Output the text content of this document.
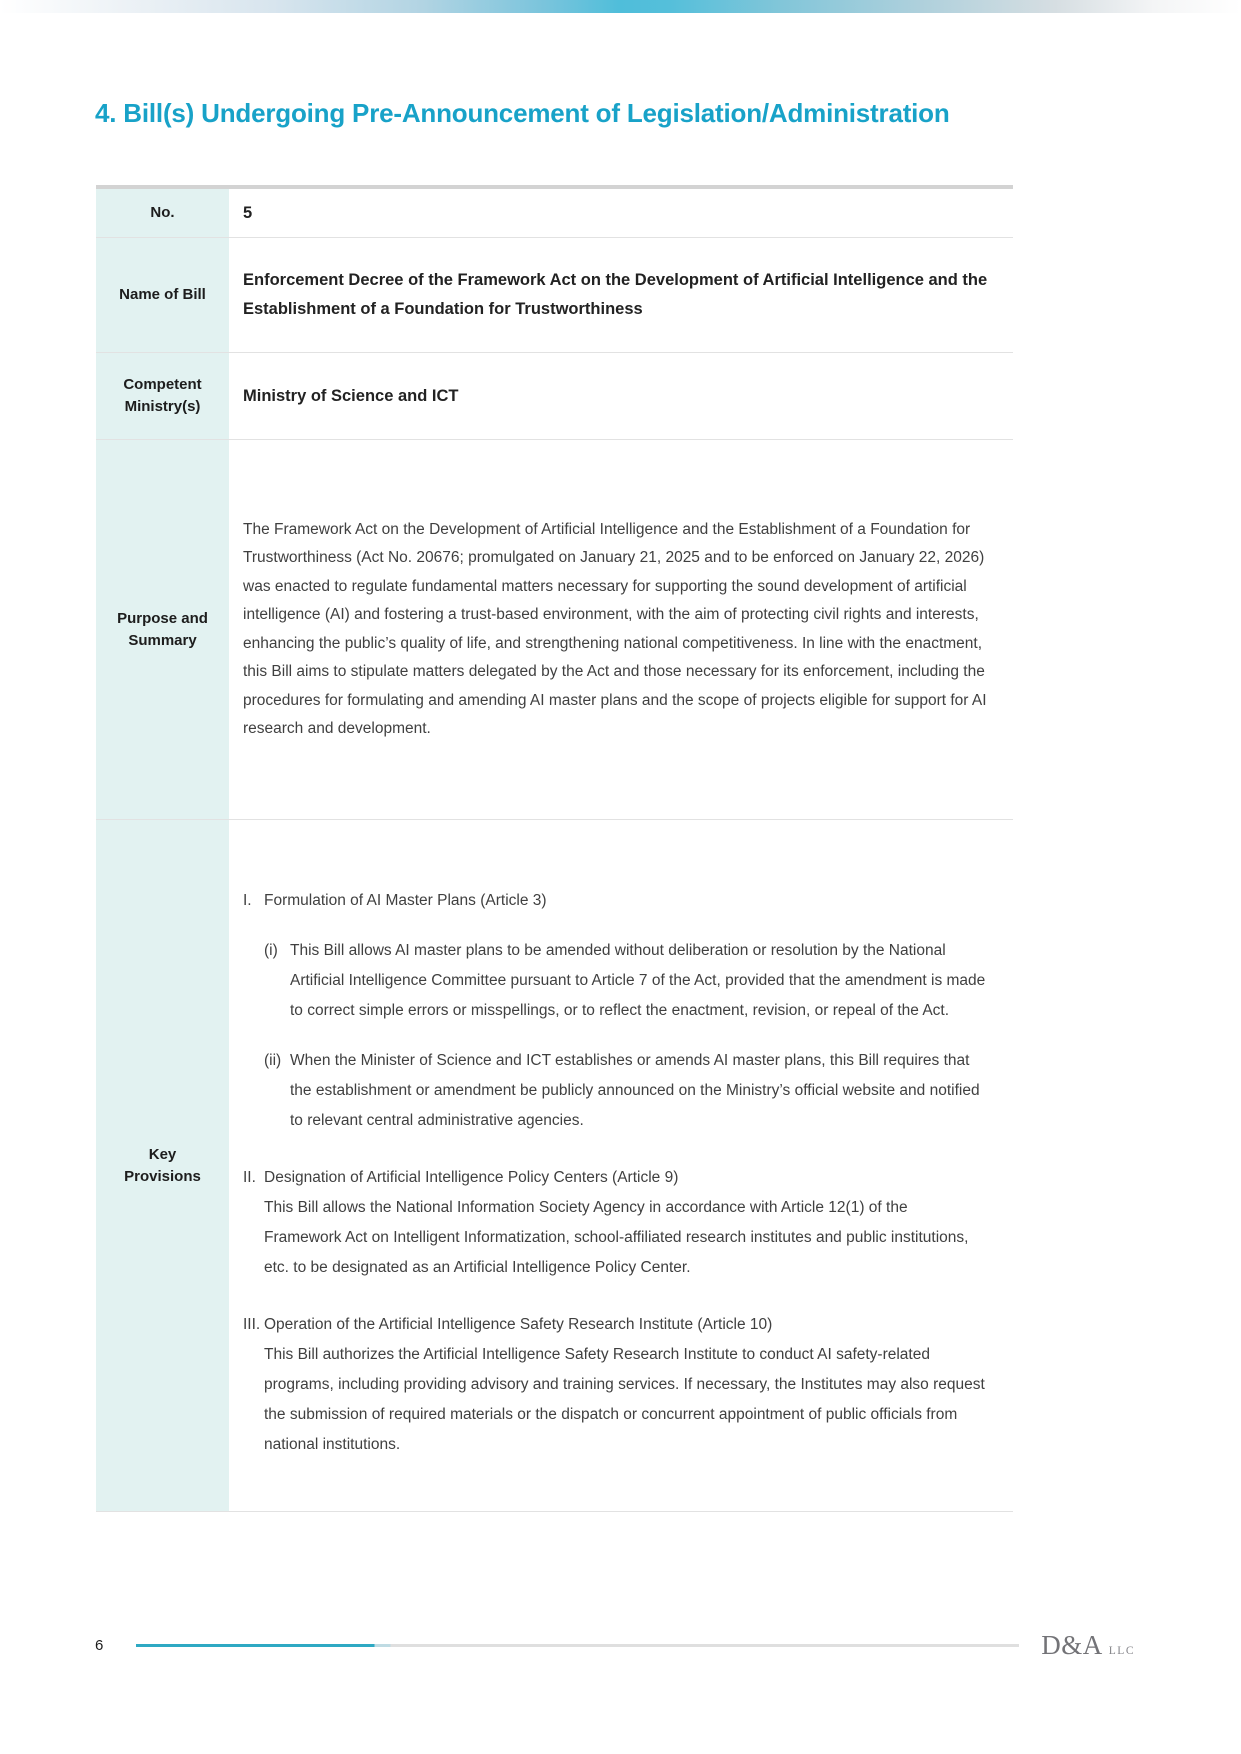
4. Bill(s) Undergoing Pre-Announcement of Legislation/Administration
No.	5
Name of Bill
Enforcement Decree of the Framework Act on the Development of Artificial Intelligence and the Establishment of a Foundation for Trustworthiness
Competent Ministry(s)
Ministry of Science and ICT
Purpose and Summary

The Framework Act on the Development of Artificial Intelligence and the Establishment of a Foundation for Trustworthiness (Act No. 20676; promulgated on January 21, 2025 and to be enforced on January 22, 2026) was enacted to regulate fundamental matters necessary for supporting the sound development of artificial intelligence (AI) and fostering a trust-based environment, with the aim of protecting civil rights and interests, enhancing the public’s quality of life, and strengthening national competitiveness. In line with the enactment, this Bill aims to stipulate matters delegated by the Act and those necessary for its enforcement, including the procedures for formulating and amending AI master plans and the scope of projects eligible for support for AI research and development.

Key Provisions
I. Formulation of AI Master Plans (Article 3)
(i) This Bill allows AI master plans to be amended without deliberation or resolution by the National Artificial Intelligence Committee pursuant to Article 7 of the Act, provided that the amendment is made to correct simple errors or misspellings, or to reflect the enactment, revision, or repeal of the Act.
(ii) When the Minister of Science and ICT establishes or amends AI master plans, this Bill requires that the establishment or amendment be publicly announced on the Ministry’s official website and notified to relevant central administrative agencies.
II. Designation of Artificial Intelligence Policy Centers (Article 9)
This Bill allows the National Information Society Agency in accordance with Article 12(1) of the Framework Act on Intelligent Informatization, school-affiliated research institutes and public institutions, etc. to be designated as an Artificial Intelligence Policy Center.
III. Operation of the Artificial Intelligence Safety Research Institute (Article 10)
This Bill authorizes the Artificial Intelligence Safety Research Institute to conduct AI safety-related programs, including providing advisory and training services. If necessary, the Institutes may also request the submission of required materials or the dispatch or concurrent appointment of public officials from national institutions.
6	D&A LLC
